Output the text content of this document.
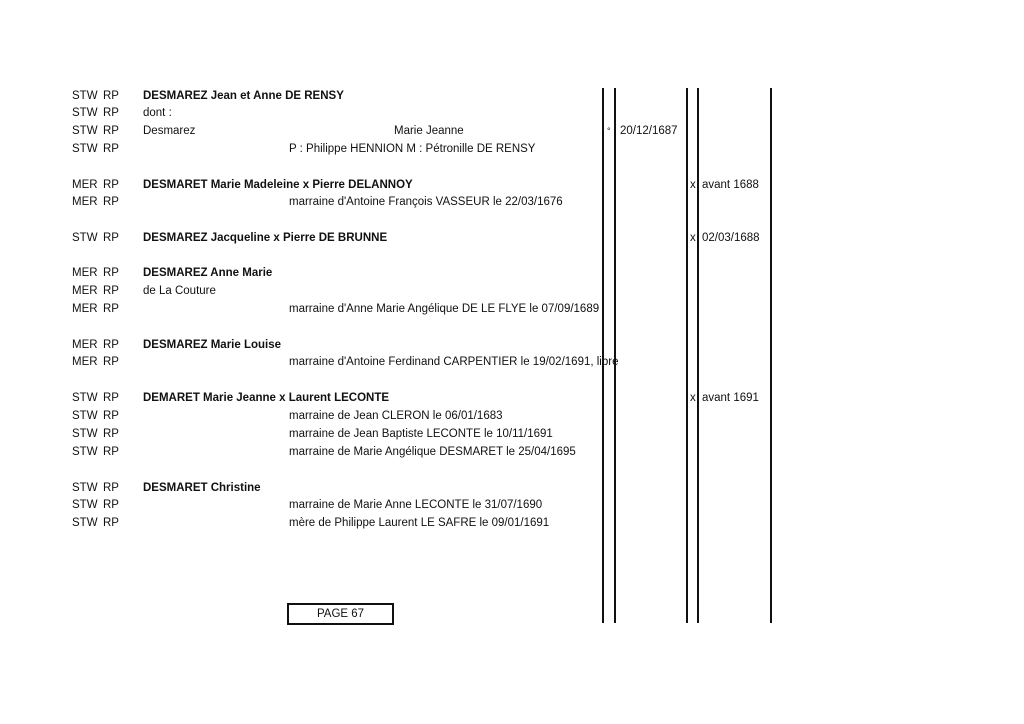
STW RP DESMAREZ Jean et Anne DE RENSY
STW RP dont :
STW RP Desmarez	Marie Jeanne	° 20/12/1687
STW RP	P : Philippe HENNION M : Pétronille DE RENSY
MER RP DESMARET Marie Madeleine x Pierre DELANNOY	x avant 1688
MER RP	marraine d'Antoine François VASSEUR le 22/03/1676
STW RP DESMAREZ Jacqueline x Pierre DE BRUNNE	x 02/03/1688
MER RP DESMAREZ Anne Marie
MER RP de La Couture
MER RP	marraine d'Anne Marie Angélique DE LE FLYE le 07/09/1689
MER RP DESMAREZ Marie Louise
MER RP	marraine d'Antoine Ferdinand CARPENTIER le 19/02/1691, libre
STW RP DEMARET Marie Jeanne x Laurent LECONTE	x avant 1691
STW RP	marraine de Jean CLERON le 06/01/1683
STW RP	marraine de Jean Baptiste LECONTE le 10/11/1691
STW RP	marraine de Marie Angélique DESMARET le 25/04/1695
STW RP DESMARET Christine
STW RP	marraine de Marie Anne LECONTE le 31/07/1690
STW RP	mère de Philippe Laurent LE SAFRE le 09/01/1691
PAGE 67
